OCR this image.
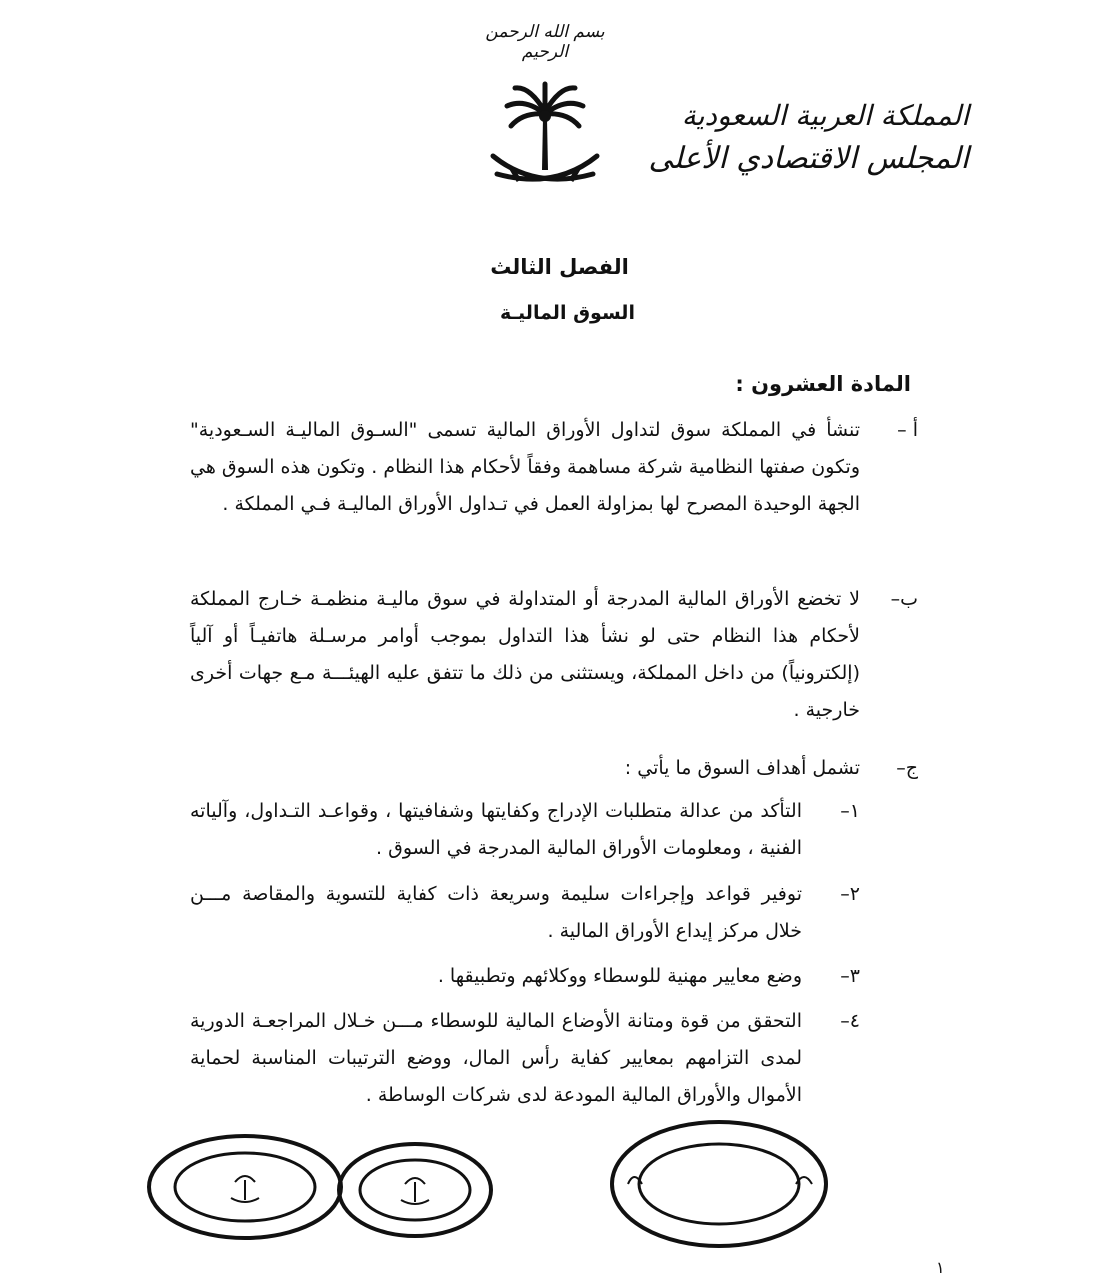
بسم الله الرحمن الرحيم
المملكة العربية السعودية
المجلس الاقتصادي الأعلى
الفصل الثالث
السوق الماليـة
المادة العشرون :
أ –
تنشأ في المملكة سوق لتداول الأوراق المالية تسمى "السـوق الماليـة السـعودية" وتكون صفتها النظامية شركة مساهمة وفقاً لأحكام هذا النظام . وتكون هذه السوق هي الجهة الوحيدة المصرح لها بمزاولة العمل في تـداول الأوراق الماليـة فـي المملكة .
ب–
لا تخضع الأوراق المالية المدرجة أو المتداولة في سوق ماليـة منظمـة خـارج المملكة لأحكام هذا النظام حتى لو نشأ هذا التداول بموجب أوامر مرسـلة هاتفيـاً أو آلياً (إلكترونياً) من داخل المملكة، ويستثنى من ذلك ما تتفق عليه الهيئـــة مـع جهات أخرى خارجية .
ج–
تشمل أهداف السوق ما يأتي :
١–
التأكد من عدالة متطلبات الإدراج وكفايتها وشفافيتها ، وقواعـد التـداول، وآلياته الفنية ، ومعلومات الأوراق المالية المدرجة في السوق .
٢–
توفير قواعد وإجراءات سليمة وسريعة ذات كفاية للتسوية والمقاصة مـــن خلال مركز إيداع الأوراق المالية .
٣–
وضع معايير مهنية للوسطاء ووكلائهم وتطبيقها .
٤–
التحقق من قوة ومتانة الأوضاع المالية للوسطاء مـــن خـلال المراجعـة الدورية لمدى التزامهم بمعايير كفاية رأس المال، ووضع الترتيبات المناسبة لحماية الأموال والأوراق المالية المودعة لدى شركات الوساطة .
١
